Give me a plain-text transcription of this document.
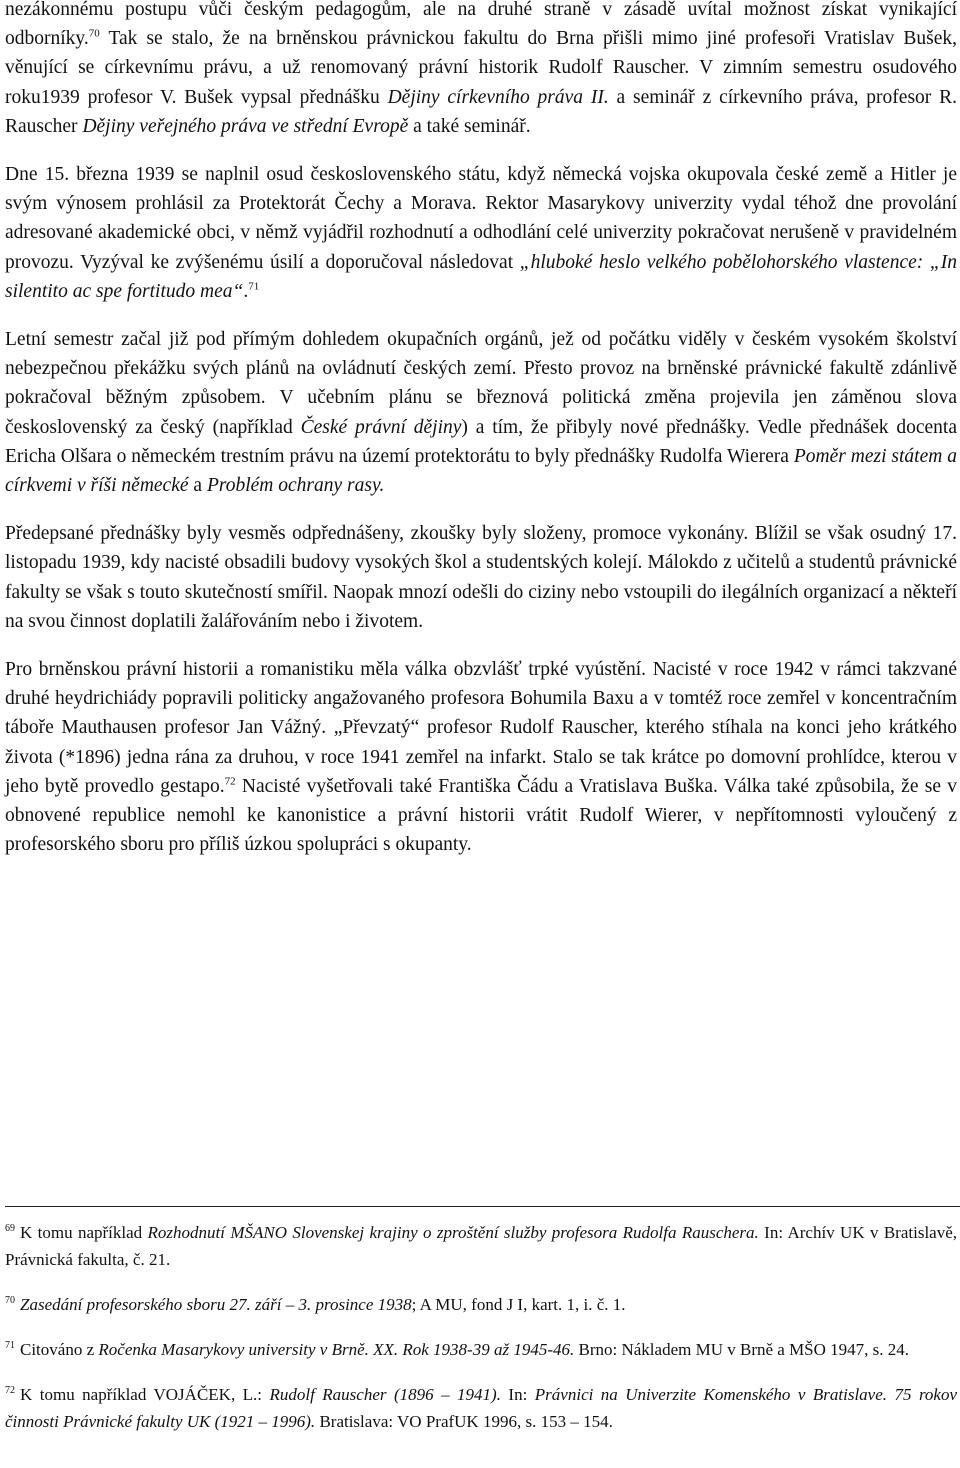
nezákonnému postupu vůči českým pedagogům, ale na druhé straně v zásadě uvítal možnost získat vynikající odborníky.$^{70}$ Tak se stalo, že na brněnskou právnickou fakultu do Brna přišli mimo jiné profesoři Vratislav Bušek, věnující se církevnímu právu, a už renomovaný právní historik Rudolf Rauscher. V zimním semestru osudového roku1939 profesor V. Bušek vypsal přednášku Dějiny církevního práva II. a seminář z církevního práva, profesor R. Rauscher Dějiny veřejného práva ve střední Evropě a také seminář.

Dne 15. března 1939 se naplnil osud československého státu, když německá vojska okupovala české země a Hitler je svým výnosem prohlásil za Protektorát Čechy a Morava. Rektor Masarykovy univerzity vydal téhož dne provolání adresované akademické obci, v němž vyjádřil rozhodnutí a odhodlání celé univerzity pokračovat nerušeně v pravidelném provozu. Vyzýval ke zvýšenému úsilí a doporučoval následovat „hluboké heslo velkého pobělohorského vlastence: „In silentito ac spe fortitudo mea“.$^{71}$

Letní semestr začal již pod přímým dohledem okupačních orgánů, jež od počátku viděly v českém vysokém školství nebezpečnou překážku svých plánů na ovládnutí českých zemí. Přesto provoz na brněnské právnické fakultě zdánlivě pokračoval běžným způsobem. V učebním plánu se březnová politická změna projevila jen záměnou slova československý za český (například České právní dějiny) a tím, že přibyly nové přednášky. Vedle přednášek docenta Ericha Olšara o německém trestním právu na území protektorátu to byly přednášky Rudolfa Wierera Poměr mezi státem a církvemi v říši německé a Problém ochrany rasy.

Předepsané přednášky byly vesměs odpřednášeny, zkoušky byly složeny, promoce vykonány. Blížil se však osudný 17. listopadu 1939, kdy nacisté obsadili budovy vysokých škol a studentských kolejí. Málokdo z učitelů a studentů právnické fakulty se však s touto skutečností smířil. Naopak mnozí odešli do ciziny nebo vstoupili do ilegálních organizací a někteří na svou činnost doplatili žalářováním nebo i životem.

Pro brněnskou právní historii a romanistiku měla válka obzvlášť trpké vyústění. Nacisté v roce 1942 v rámci takzvané druhé heydrichiády popravili politicky angažovaného profesora Bohumila Baxu a v tomtéž roce zemřel v koncentračním táboře Mauthausen profesor Jan Vážný. „Převzatý“ profesor Rudolf Rauscher, kterého stíhala na konci jeho krátkého života (*1896) jedna rána za druhou, v roce 1941 zemřel na infarkt. Stalo se tak krátce po domovní prohlídce, kterou v jeho bytě provedlo gestapo.$^{72}$ Nacisté vyšetřovali také Františka Čádu a Vratislava Buška. Válka také způsobila, že se v obnovené republice nemohl ke kanonistice a právní historii vrátit Rudolf Wierer, v nepřítomnosti vyloučený z profesorského sboru pro příliš úzkou spolupráci s okupanty.

$^{69}$ K tomu například Rozhodnutí MŠANO Slovenskej krajiny o zproštění služby profesora Rudolfa Rauschera. In: Archív UK v Bratislavě, Právnická fakulta, č. 21.

$^{70}$ Zasedání profesorského sboru 27. září – 3. prosince 1938; A MU, fond J I, kart. 1, i. č. 1.

$^{71}$ Citováno z Ročenka Masarykovy university v Brně. XX. Rok 1938-39 až 1945-46. Brno: Nákladem MU v Brně a MŠO 1947, s. 24.

$^{72}$ K tomu například VOJÁČEK, L.: Rudolf Rauscher (1896 – 1941). In: Právnici na Univerzite Komenského v Bratislave. 75 rokov činnosti Právnické fakulty UK (1921 – 1996). Bratislava: VO PrafUK 1996, s. 153 – 154.
